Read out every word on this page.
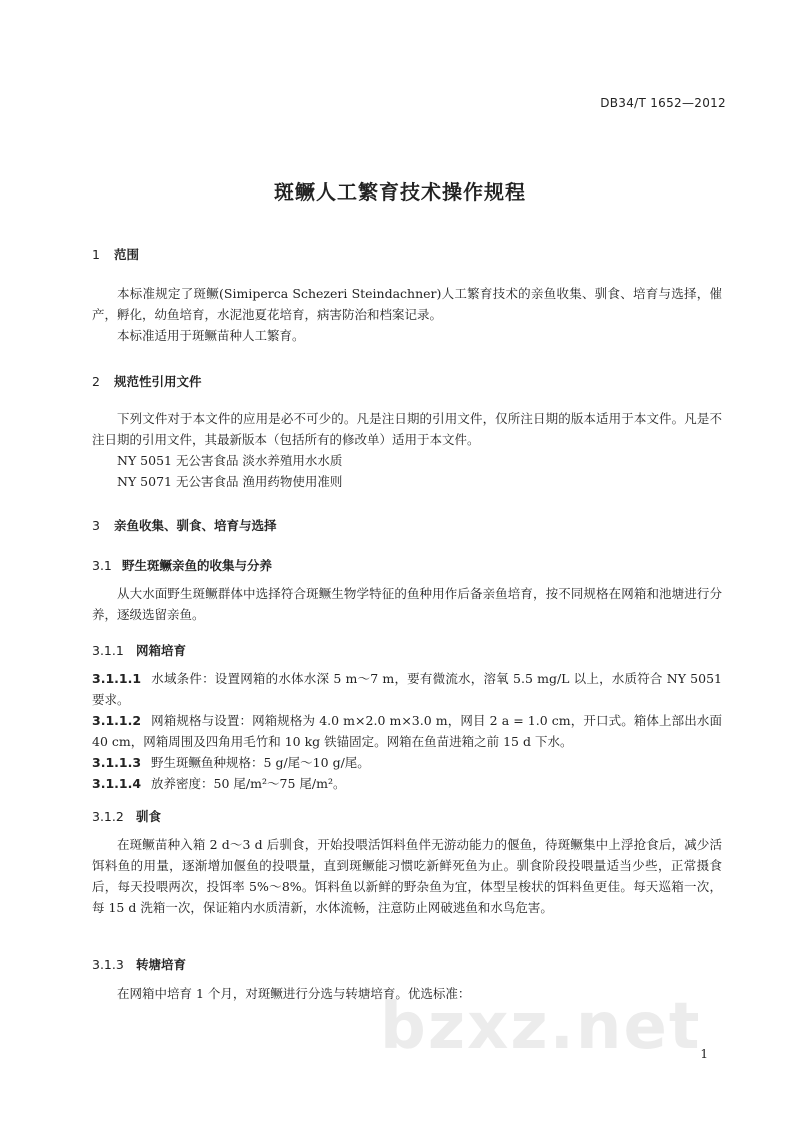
DB34/T 1652—2012
斑鳜人工繁育技术操作规程
1 范围
本标准规定了斑鳜(Simiperca Schezeri Steindachner)人工繁育技术的亲鱼收集、驯食、培育与选择，催产，孵化，幼鱼培育，水泥池夏花培育，病害防治和档案记录。
本标准适用于斑鳜苗种人工繁育。
2 规范性引用文件
下列文件对于本文件的应用是必不可少的。凡是注日期的引用文件，仅所注日期的版本适用于本文件。凡是不注日期的引用文件，其最新版本（包括所有的修改单）适用于本文件。
NY 5051 无公害食品 淡水养殖用水水质
NY 5071 无公害食品 渔用药物使用准则
3 亲鱼收集、驯食、培育与选择
3.1 野生斑鳜亲鱼的收集与分养
从大水面野生斑鳜群体中选择符合斑鳜生物学特征的鱼种用作后备亲鱼培育，按不同规格在网箱和池塘进行分养，逐级选留亲鱼。
3.1.1 网箱培育
3.1.1.1 水域条件：设置网箱的水体水深 5 m～7 m，要有微流水，溶氧 5.5 mg/L 以上，水质符合 NY 5051 要求。
3.1.1.2 网箱规格与设置：网箱规格为 4.0 m×2.0 m×3.0 m，网目 2 a = 1.0 cm，开口式。箱体上部出水面 40 cm，网箱周围及四角用毛竹和 10 kg 铁锚固定。网箱在鱼苗进箱之前 15 d 下水。
3.1.1.3 野生斑鳜鱼种规格：5 g/尾～10 g/尾。
3.1.1.4 放养密度：50 尾/m²～75 尾/m²。
3.1.2 驯食
在斑鳜苗种入箱 2 d～3 d 后驯食，开始投喂活饵料鱼伴无游动能力的偃鱼，待斑鳜集中上浮抢食后，减少活饵料鱼的用量，逐渐增加偃鱼的投喂量，直到斑鳜能习惯吃新鲜死鱼为止。驯食阶段投喂量适当少些，正常摄食后，每天投喂两次，投饵率 5%～8%。饵料鱼以新鲜的野杂鱼为宜，体型呈梭状的饵料鱼更佳。每天巡箱一次，每 15 d 洗箱一次，保证箱内水质清新，水体流畅，注意防止网破逃鱼和水鸟危害。
3.1.3 转塘培育
在网箱中培育 1 个月，对斑鳜进行分选与转塘培育。优选标准：
bzxz.net
1
